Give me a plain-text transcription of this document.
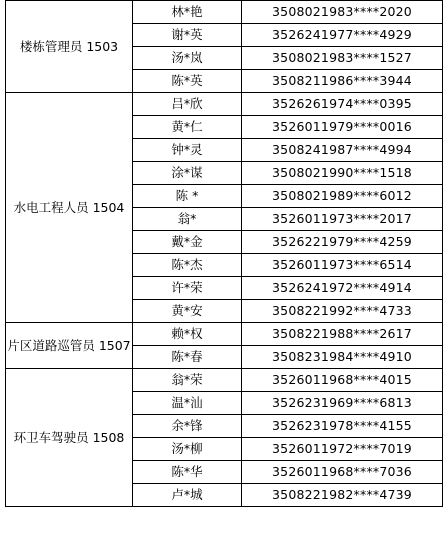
楼栋管理员 1503	林*艳	3508021983****2020
	谢*英	3526241977****4929
	汤*岚	3508021983****1527
	陈*英	3508211986****3944
水电工程人员 1504	吕*欣	3526261974****0395
	黄*仁	3526011979****0016
	钟*灵	3508241987****4994
	涂*谋	3508021990****1518
	陈 *	3508021989****6012
	翁*	3526011973****2017
	戴*金	3526221979****4259
	陈*杰	3526011973****6514
	许*荣	3526241972****4914
	黄*安	3508221992****4733
片区道路巡管员 1507	赖*权	3508221988****2617
	陈*春	3508231984****4910
环卫车驾驶员 1508	翁*荣	3526011968****4015
	温*汕	3526231969****6813
	余*锋	3526231978****4155
	汤*柳	3526011972****7019
	陈*华	3526011968****7036
	卢*城	3508221982****4739
